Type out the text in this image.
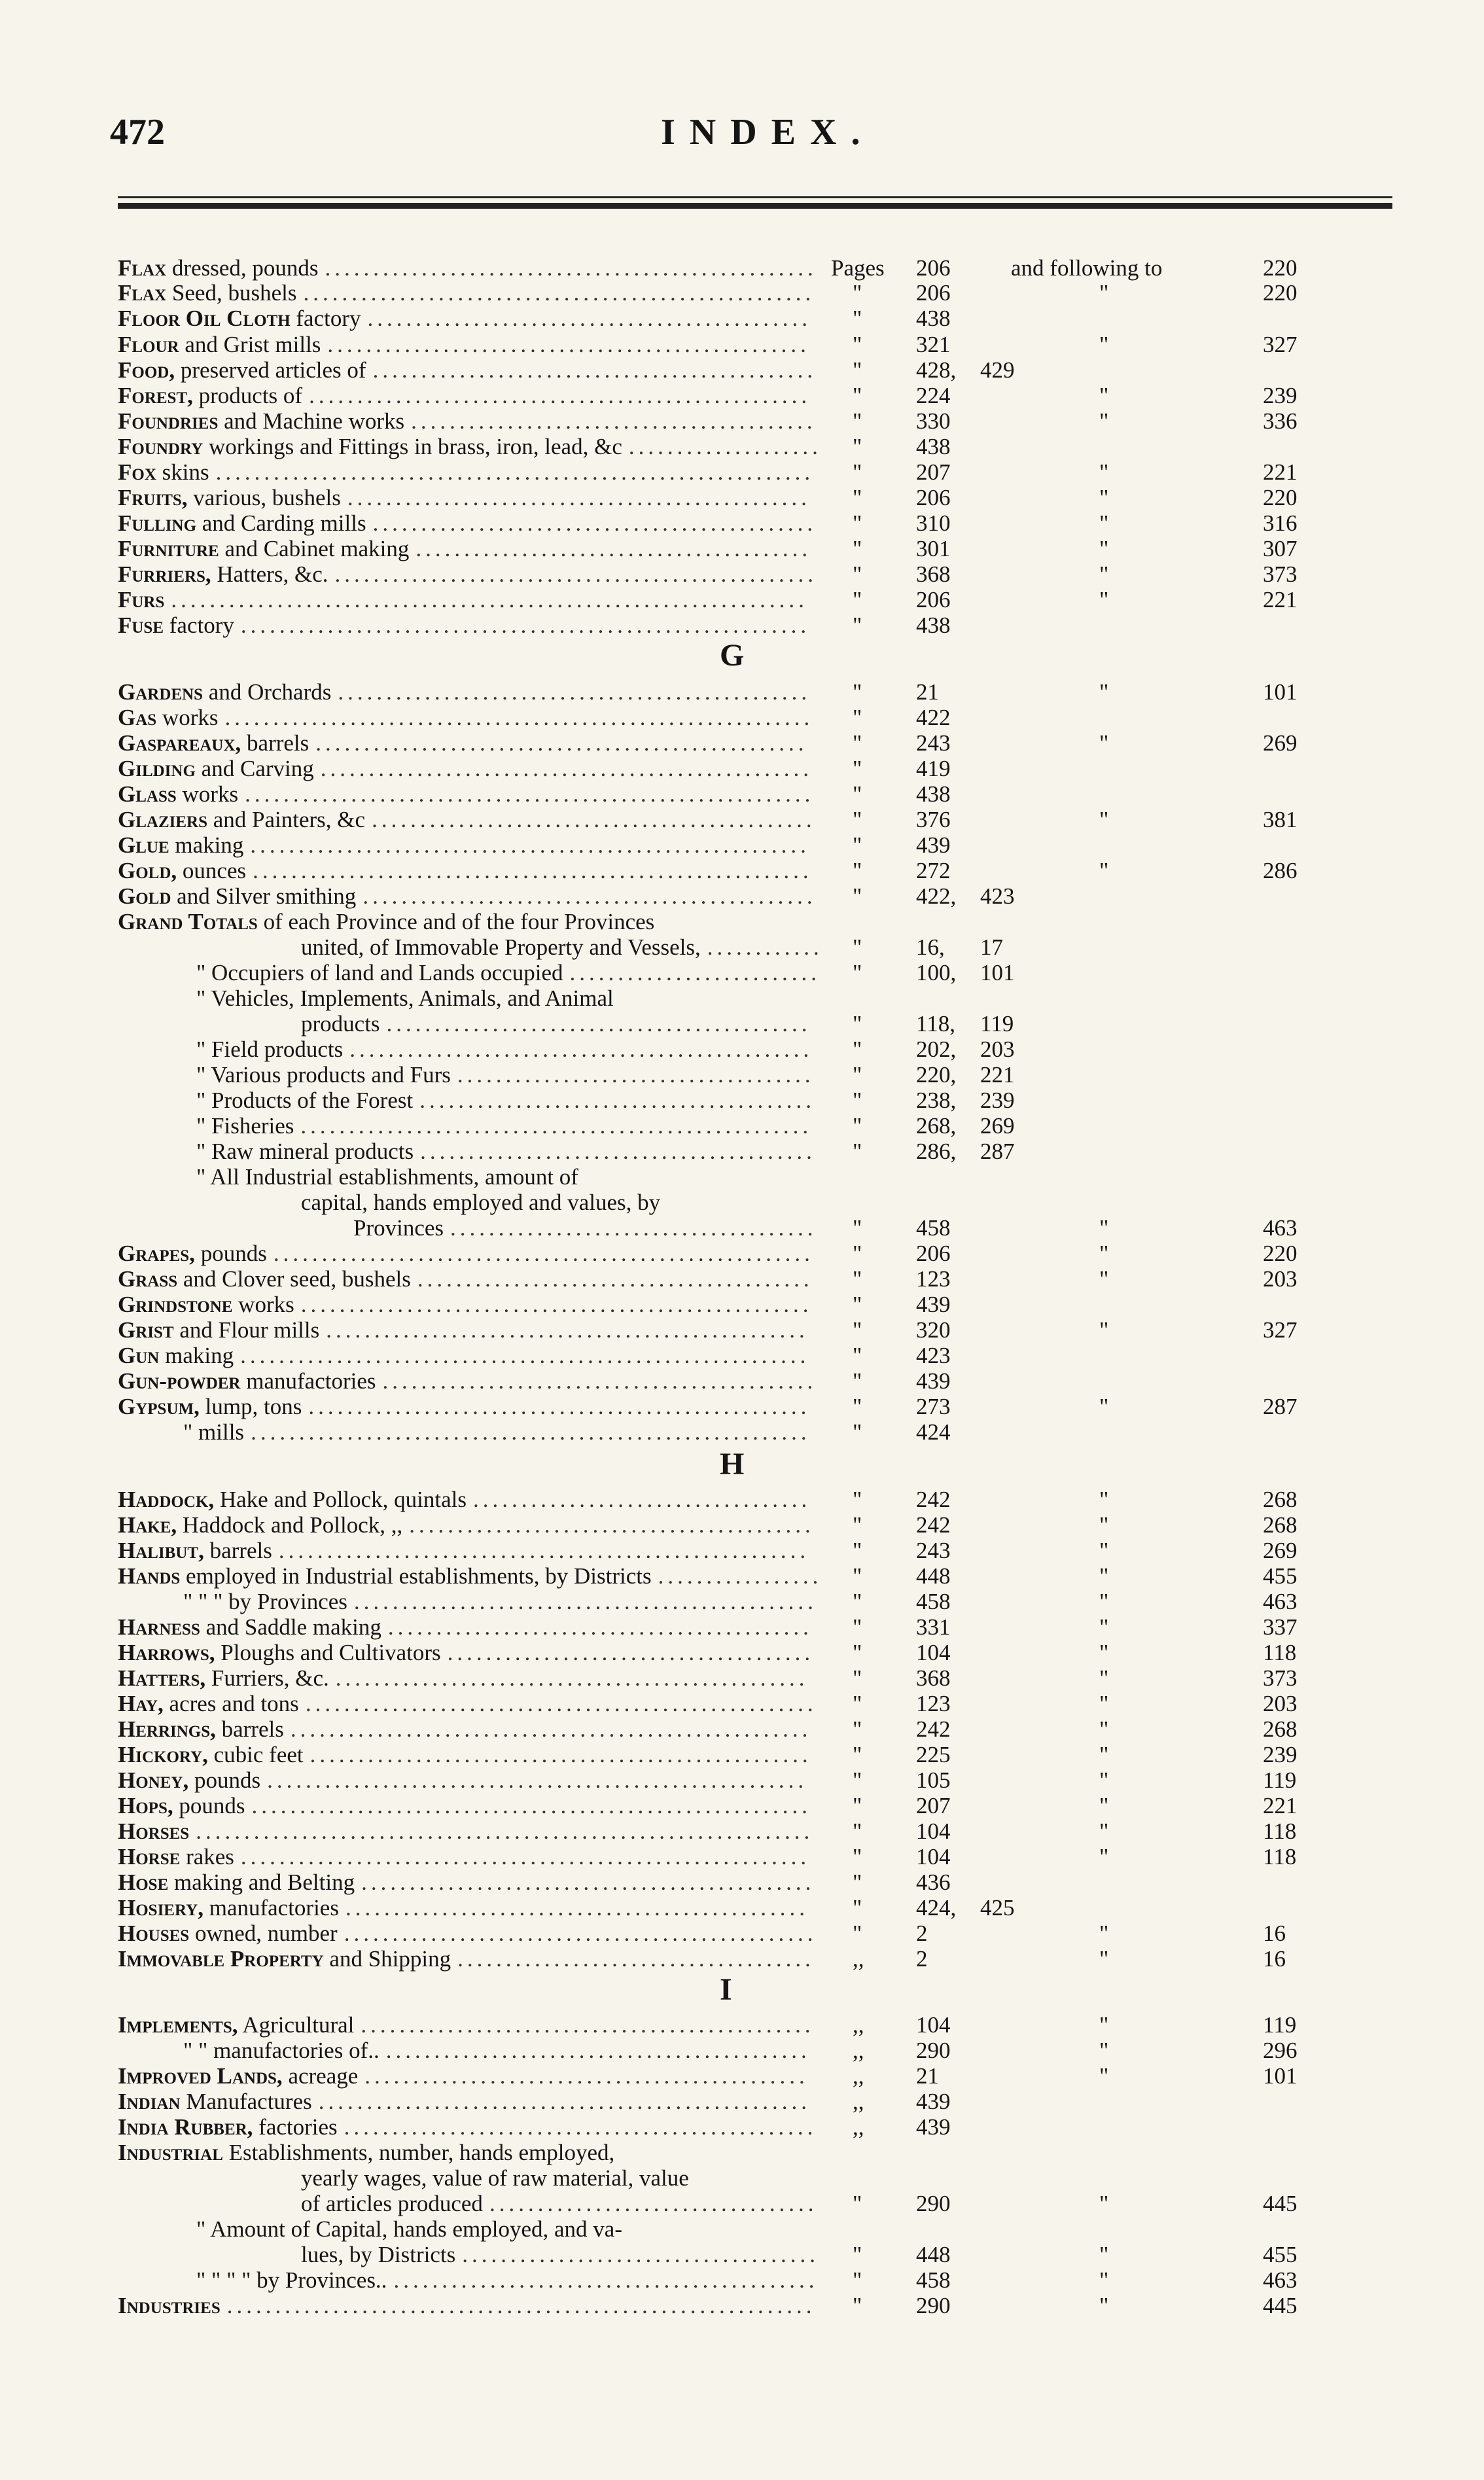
472	INDEX.
G
H
I
Flax dressed, pounds ................................................... Pages 206	and following to	220
Flax Seed, bushels .....................................................	" 206	"	220
Floor Oil Cloth factory ..............................................	" 438
Flour and Grist mills ..................................................	" 321	"	327
Food, preserved articles of ..............................................	" 428, 429
Forest, products of ....................................................	" 224	"	239
Foundries and Machine works ..........................................	" 330	"	336
Foundry workings and Fittings in brass, iron, lead, &c .................... " 438
Fox skins ..............................................................	" 207	"	221
Fruits, various, bushels ................................................	" 206	"	220
Fulling and Carding mills ..............................................	" 310	"	316
Furniture and Cabinet making .........................................	" 301	"	307
Furriers, Hatters, &c. ..................................................	" 368	"	373
Furs ..................................................................	" 206	"	221
Fuse factory ...........................................................	" 438
Gardens and Orchards .................................................	" 21	"	101
Gas works .............................................................	" 422
Gaspareaux, barrels ...................................................	" 243	"	269
Gilding and Carving ...................................................	" 419
Glass works ...........................................................	" 438
Glaziers and Painters, &c ..............................................	" 376	"	381
Glue making ..........................................................	" 439
Gold, ounces ..........................................................	" 272	"	286
Gold and Silver smithing ...............................................	" 422, 423
Grand Totals of each Province and of the four Provinces
united, of Immovable Property and Vessels, ............ " 16, 17
" Occupiers of land and Lands occupied .......................... " 100, 101
" Vehicles, Implements, Animals, and Animal
products ............................................	" 118, 119
" Field products ................................................	" 202, 203
" Various products and Furs .....................................	" 220, 221
" Products of the Forest .........................................	" 238, 239
" Fisheries .....................................................	" 268, 269
" Raw mineral products .........................................	" 286, 287
" All Industrial establishments, amount of
capital, hands employed and values, by
Provinces ......................................	" 458	"	463
Grapes, pounds ........................................................	" 206	"	220
Grass and Clover seed, bushels .........................................	" 123	"	203
Grindstone works .....................................................	" 439
Grist and Flour mills ..................................................	" 320	"	327
Gun making ...........................................................	" 423
Gun-powder manufactories .............................................	" 439
Gypsum, lump, tons ....................................................	" 273	"	287
" mills ..........................................................	" 424
Haddock, Hake and Pollock, quintals ...................................	" 242	"	268
Hake, Haddock and Pollock, ,, ..........................................	" 242	"	268
Halibut, barrels .......................................................	" 243	"	269
Hands employed in Industrial establishments, by Districts ................. " 448	"	455
" " " by Provinces ................................................	" 458	"	463
Harness and Saddle making ............................................	" 331	"	337
Harrows, Ploughs and Cultivators ......................................	" 104	"	118
Hatters, Furriers, &c. .................................................	" 368	"	373
Hay, acres and tons .....................................................	" 123	"	203
Herrings, barrels ......................................................	" 242	"	268
Hickory, cubic feet ....................................................	" 225	"	239
Honey, pounds ........................................................	" 105	"	119
Hops, pounds ..........................................................	" 207	"	221
Horses ................................................................	" 104	"	118
Horse rakes ...........................................................	" 104	"	118
Hose making and Belting ...............................................	" 436
Hosiery, manufactories ................................................	" 424, 425
Houses owned, number .................................................	" 2	"	16
Immovable Property and Shipping .....................................	,, 2	"	16
Implements, Agricultural ...............................................	,, 104	"	119
" " manufactories of.. ............................................	,, 290	"	296
Improved Lands, acreage ..............................................	,, 21	"	101
Indian Manufactures ...................................................	,, 439
India Rubber, factories .................................................	,, 439
Industrial Establishments, number, hands employed,
yearly wages, value of raw material, value
of articles produced ..................................	" 290	"	445
" Amount of Capital, hands employed, and va-
lues, by Districts ..................................... " 448	"	455
" " " " by Provinces.. ............................................	" 458	"	463
Industries .............................................................	" 290	"	445
